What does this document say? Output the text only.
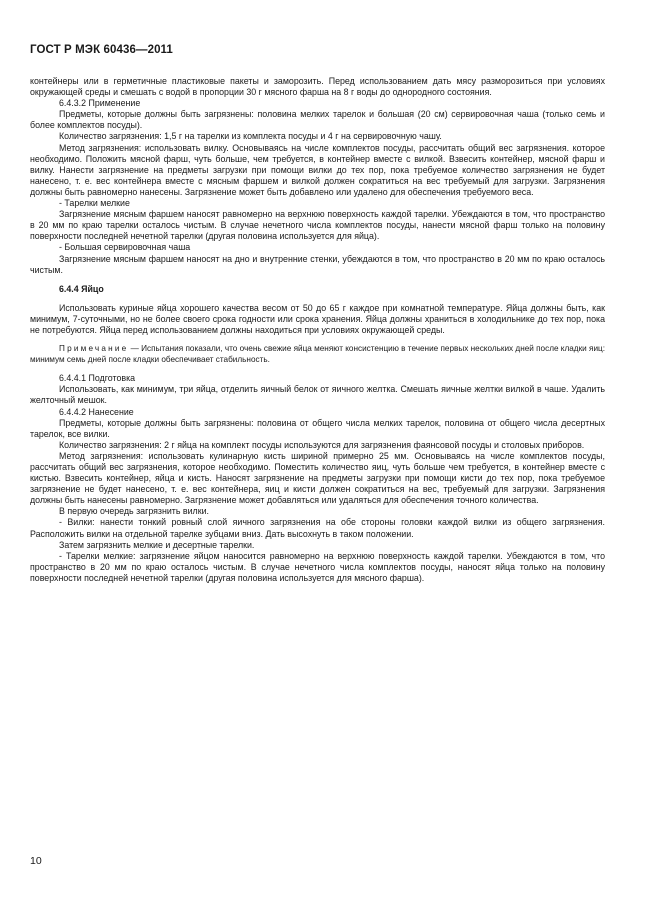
ГОСТ Р МЭК 60436—2011

контейнеры или в герметичные пластиковые пакеты и заморозить. Перед использованием дать мясу разморозиться при условиях окружающей среды и смешать с водой в пропорции 30 г мясного фарша на 8 г воды до однородного состояния.

6.4.3.2 Применение

Предметы, которые должны быть загрязнены: половина мелких тарелок и большая (20 см) сервировочная чаша (только семь и более комплектов посуды).

Количество загрязнения: 1,5 г на тарелки из комплекта посуды и 4 г на сервировочную чашу.

Метод загрязнения: использовать вилку. Основываясь на числе комплектов посуды, рассчитать общий вес загрязнения. которое необходимо. Положить мясной фарш, чуть больше, чем требуется, в контейнер вместе с вилкой. Взвесить контейнер, мясной фарш и вилку. Нанести загрязнение на предметы загрузки при помощи вилки до тех пор, пока требуемое количество загрязнения не будет нанесено, т. е. вес контейнера вместе с мясным фаршем и вилкой должен сократиться на вес требуемый для загрузки. Загрязнения должны быть равномерно нанесены. Загрязнение может быть добавлено или удалено для обеспечения требуемого веса.

- Тарелки мелкие

Загрязнение мясным фаршем наносят равномерно на верхнюю поверхность каждой тарелки. Убеждаются в том, что пространство в 20 мм по краю тарелки осталось чистым. В случае нечетного числа комплектов посуды, нанести мясной фарш только на половину поверхности последней нечетной тарелки (другая половина используется для яйца).

- Большая сервировочная чаша

Загрязнение мясным фаршем наносят на дно и внутренние стенки, убеждаются в том, что пространство в 20 мм по краю осталось чистым.

6.4.4 Яйцо

Использовать куриные яйца хорошего качества весом от 50 до 65 г каждое при комнатной температуре. Яйца должны быть, как минимум, 7-суточными, но не более своего срока годности или срока хранения. Яйца должны храниться в холодильнике до тех пор, пока не потребуются. Яйца перед использованием должны находиться при условиях окружающей среды.

Примечание — Испытания показали, что очень свежие яйца меняют консистенцию в течение первых нескольких дней после кладки яиц: минимум семь дней после кладки обеспечивает стабильность.

6.4.4.1 Подготовка

Использовать, как минимум, три яйца, отделить яичный белок от яичного желтка. Смешать яичные желтки вилкой в чаше. Удалить желточный мешок.

6.4.4.2 Нанесение

Предметы, которые должны быть загрязнены: половина от общего числа мелких тарелок, половина от общего числа десертных тарелок, все вилки.

Количество загрязнения: 2 г яйца на комплект посуды используются для загрязнения фаянсовой посуды и столовых приборов.

Метод загрязнения: использовать кулинарную кисть шириной примерно 25 мм. Основываясь на числе комплектов посуды, рассчитать общий вес загрязнения, которое необходимо. Поместить количество яиц, чуть больше чем требуется, в контейнер вместе с кистью. Взвесить контейнер, яйца и кисть. Наносят загрязнение на предметы загрузки при помощи кисти до тех пор, пока требуемое загрязнение не будет нанесено, т. е. вес контейнера, яиц и кисти должен сократиться на вес, требуемый для загрузки. Загрязнения должны быть нанесены равномерно. Загрязнение может добавляться или удаляться для обеспечения точного количества.

В первую очередь загрязнить вилки.

- Вилки: нанести тонкий ровный слой яичного загрязнения на обе стороны головки каждой вилки из общего загрязнения. Расположить вилки на отдельной тарелке зубцами вниз. Дать высохнуть в таком положении.

Затем загрязнить мелкие и десертные тарелки.

- Тарелки мелкие: загрязнение яйцом наносится равномерно на верхнюю поверхность каждой тарелки. Убеждаются в том, что пространство в 20 мм по краю осталось чистым. В случае нечетного числа комплектов посуды, наносят яйца только на половину поверхности последней нечетной тарелки (другая половина используется для мясного фарша).

10
